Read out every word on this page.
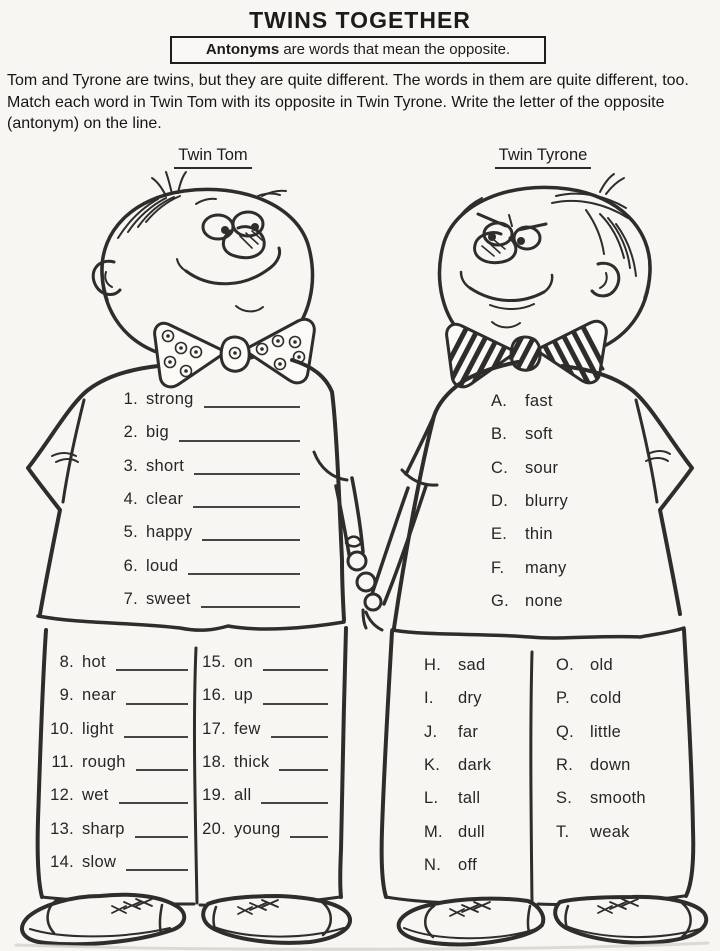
TWINS TOGETHER
Antonyms are words that mean the opposite.
Tom and Tyrone are twins, but they are quite different. The words in them are quite different, too. Match each word in Twin Tom with its opposite in Twin Tyrone. Write the letter of the opposite (antonym) on the line.
Twin Tom	Twin Tyrone
1. strong
2. big
3. short
4. clear
5. happy
6. loud
7. sweet
8. hot
9. near
10. light
11. rough
12. wet
13. sharp
14. slow
15. on
16. up
17. few
18. thick
19. all
20. young
A.	fast
B.	soft
C.	sour
D.	blurry
E.	thin
F.	many
G. none
H.	sad
I.	dry
J.	far
K.	dark
L.	tall
M. dull
N.	off
O. old
P.	cold
Q. little
R.	down
S.	smooth
T.	weak
